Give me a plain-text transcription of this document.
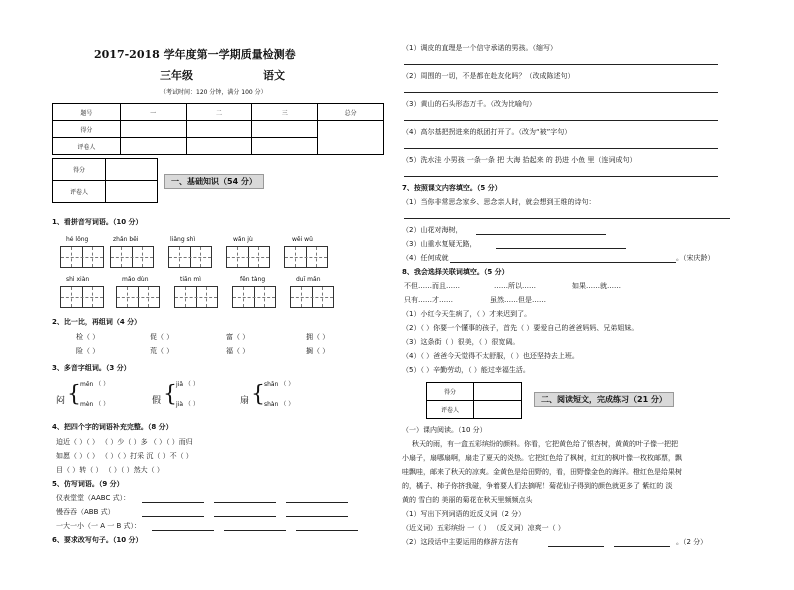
2017-2018 学年度第一学期质量检测卷
三年级	语文
（考试时间：120 分钟，满分 100 分）
题号	一	二	三	总分
得分				
评卷人				
得分	
评卷人	
一、基础知识（54 分）
1、看拼音写词语。（10 分）
hé lǒng	zhǎn bēi	liǎng shì	wǎn jù	wēi wǔ
shì xiàn	mǎo dùn	tiān mì	fēn tàng	duī mǎn
2、比一比，再组词（4 分）
检（ ）	促（ ）	富（ ）	拥（ ）
险（ ）	荒（ ）	福（ ）	搁（ ）
3、多音字组词。（3 分）
闷 { mēn （ ）
mèn （ ）	假 { jiǎ （ ）
jià （ ）	扇 { shān （ ）
shàn （ ）
4、把四个字的词语补充完整。（8 分）
迫近（ ）（ ） （ ）少（ ）多 （ ）（ ）而归
如愿（ ）（ ） （ ）（ ）打采 沉（ ）不（ ）
目（ ）转（ ） （ ）（ ）然大（ ）
5、仿写词语。（9 分）
仪表堂堂（AABC 式）：
慢吞吞（ABB 式）
一大一小（一 A 一 B 式）：
6、要求改写句子。（10 分）
（1）调皮的直理是一个信守承诺的男孩。（缩写）
（2）周围的一切，不是都在赴友化吗？（改成陈述句）
（3）黄山的石头形态万千。（改为比喻句）
（4）高尔基把拐进来的纸团打开了。（改为“被”字句）
（5）洗水洼 小男孩 一条一条 把 大海 拾起来 的 扔进 小鱼 里（连词成句）
7、按照课文内容填空。（5 分）
（1）当你非常思念家乡、思念亲人时，就会想到王维的诗句：
（2）山花对海树，
（3）山重水复疑无路，
（4）任何成就	。（宋庆龄）
8、我会选择关联词填空。（5 分）
不但……而且……	……所以……	如果……就……
只有……才……	虽然……但是……
（1）小红今天生病了，（ ）才来迟到了。
（2）（ ）你要一个懂事的孩子，首先（ ）要爱自己的爸爸妈妈、兄弟姐妹。
（3）这条街（ ）很美，（ ）很宽阔。
（4）（ ）爸爸今天觉得不太舒服，（ ）也还坚持去上班。
（5）（ ）辛勤劳动，（ ）能过幸福生活。
得分	
评卷人	
二、阅读短文，完成练习（21 分）
（一）课内阅读。（10 分）
秋天的雨，有一盒五彩缤纷的颜料。你看，它把黄色给了银杏树，黄黄的叶子像一把把
小扇子，扇哪扇啊，扇走了夏天的炎热。它把红色给了枫树，红红的枫叶像一枚枚邮票，飘
哇飘哇，邮来了秋天的凉爽。金黄色是给田野的，看，田野像金色的海洋。橙红色是给果树
的，橘子、柿子你挤我碰，争着要人们去摘呢！菊花仙子得到的颜色就更多了 紫红的 淡
黄的 雪白的 美丽的菊花在秋天里频频点头
（1）写出下列词语的近反义词（2 分）
（近义词）五彩缤纷 一（ ） （反义词）凉爽一（ ）
（2）这段话中主要运用的修辞方法有	。（2 分）
